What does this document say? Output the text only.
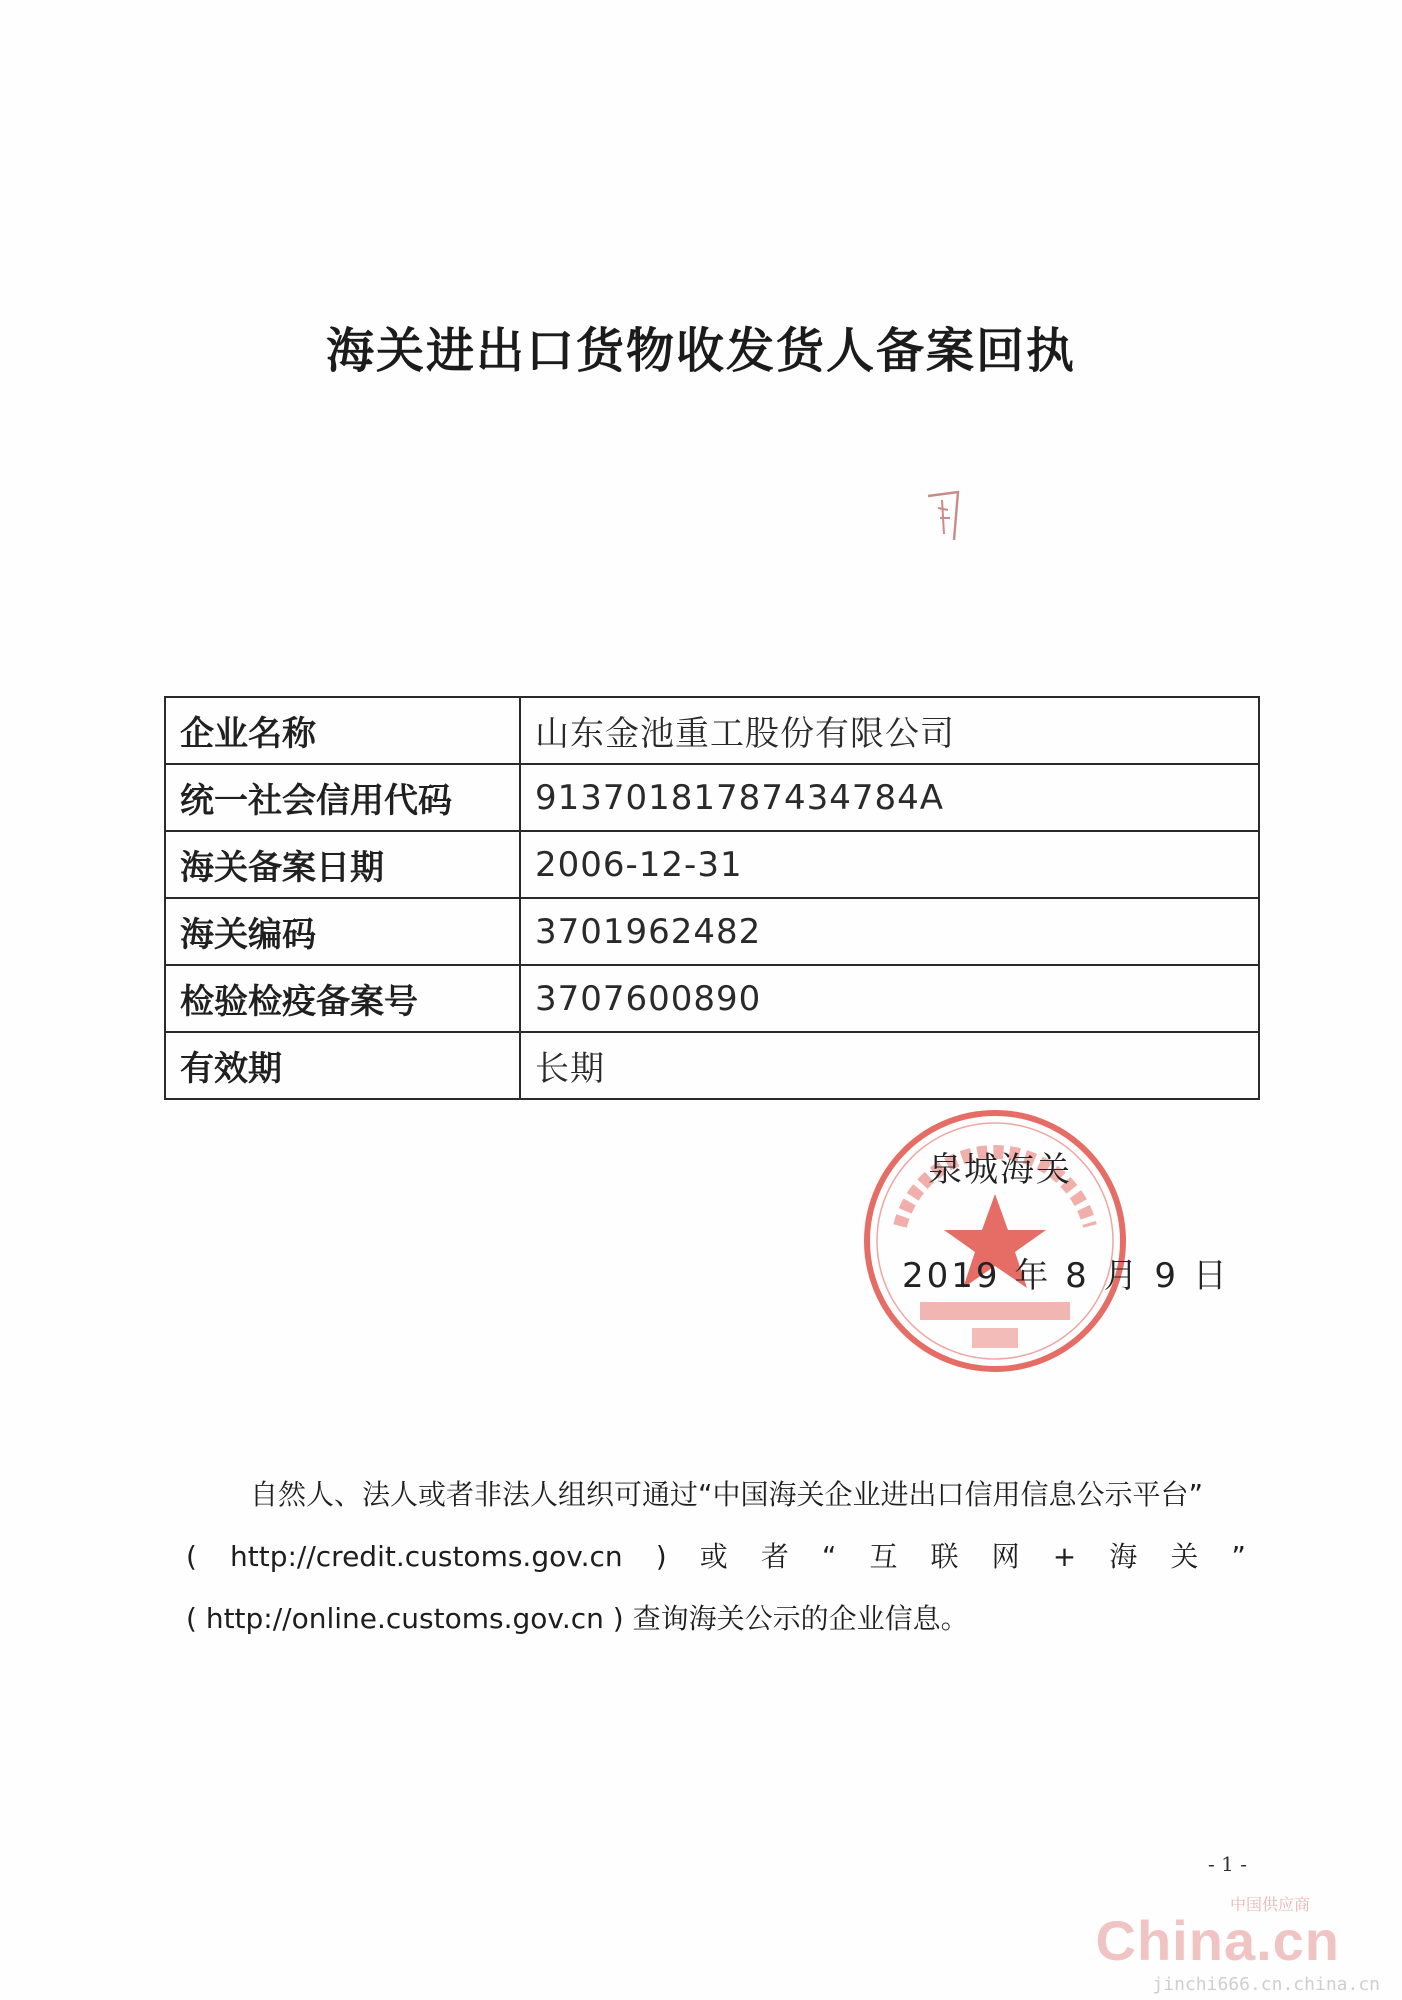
海关进出口货物收发货人备案回执
企业名称	山东金池重工股份有限公司
统一社会信用代码	91370181787434784A
海关备案日期	2006-12-31
海关编码	3701962482
检验检疫备案号	3707600890
有效期	长期
泉城海关
2019 年 8 月 9 日
自然人、法人或者非法人组织可通过“中国海关企业进出口信用信息公示平台”
( http://credit.customs.gov.cn ) 或 者 “ 互 联 网 + 海 关 ”
( http://online.customs.gov.cn ) 查询海关公示的企业信息。
- 1 -
中国供应商
China.cn
jinchi666.cn.china.cn
